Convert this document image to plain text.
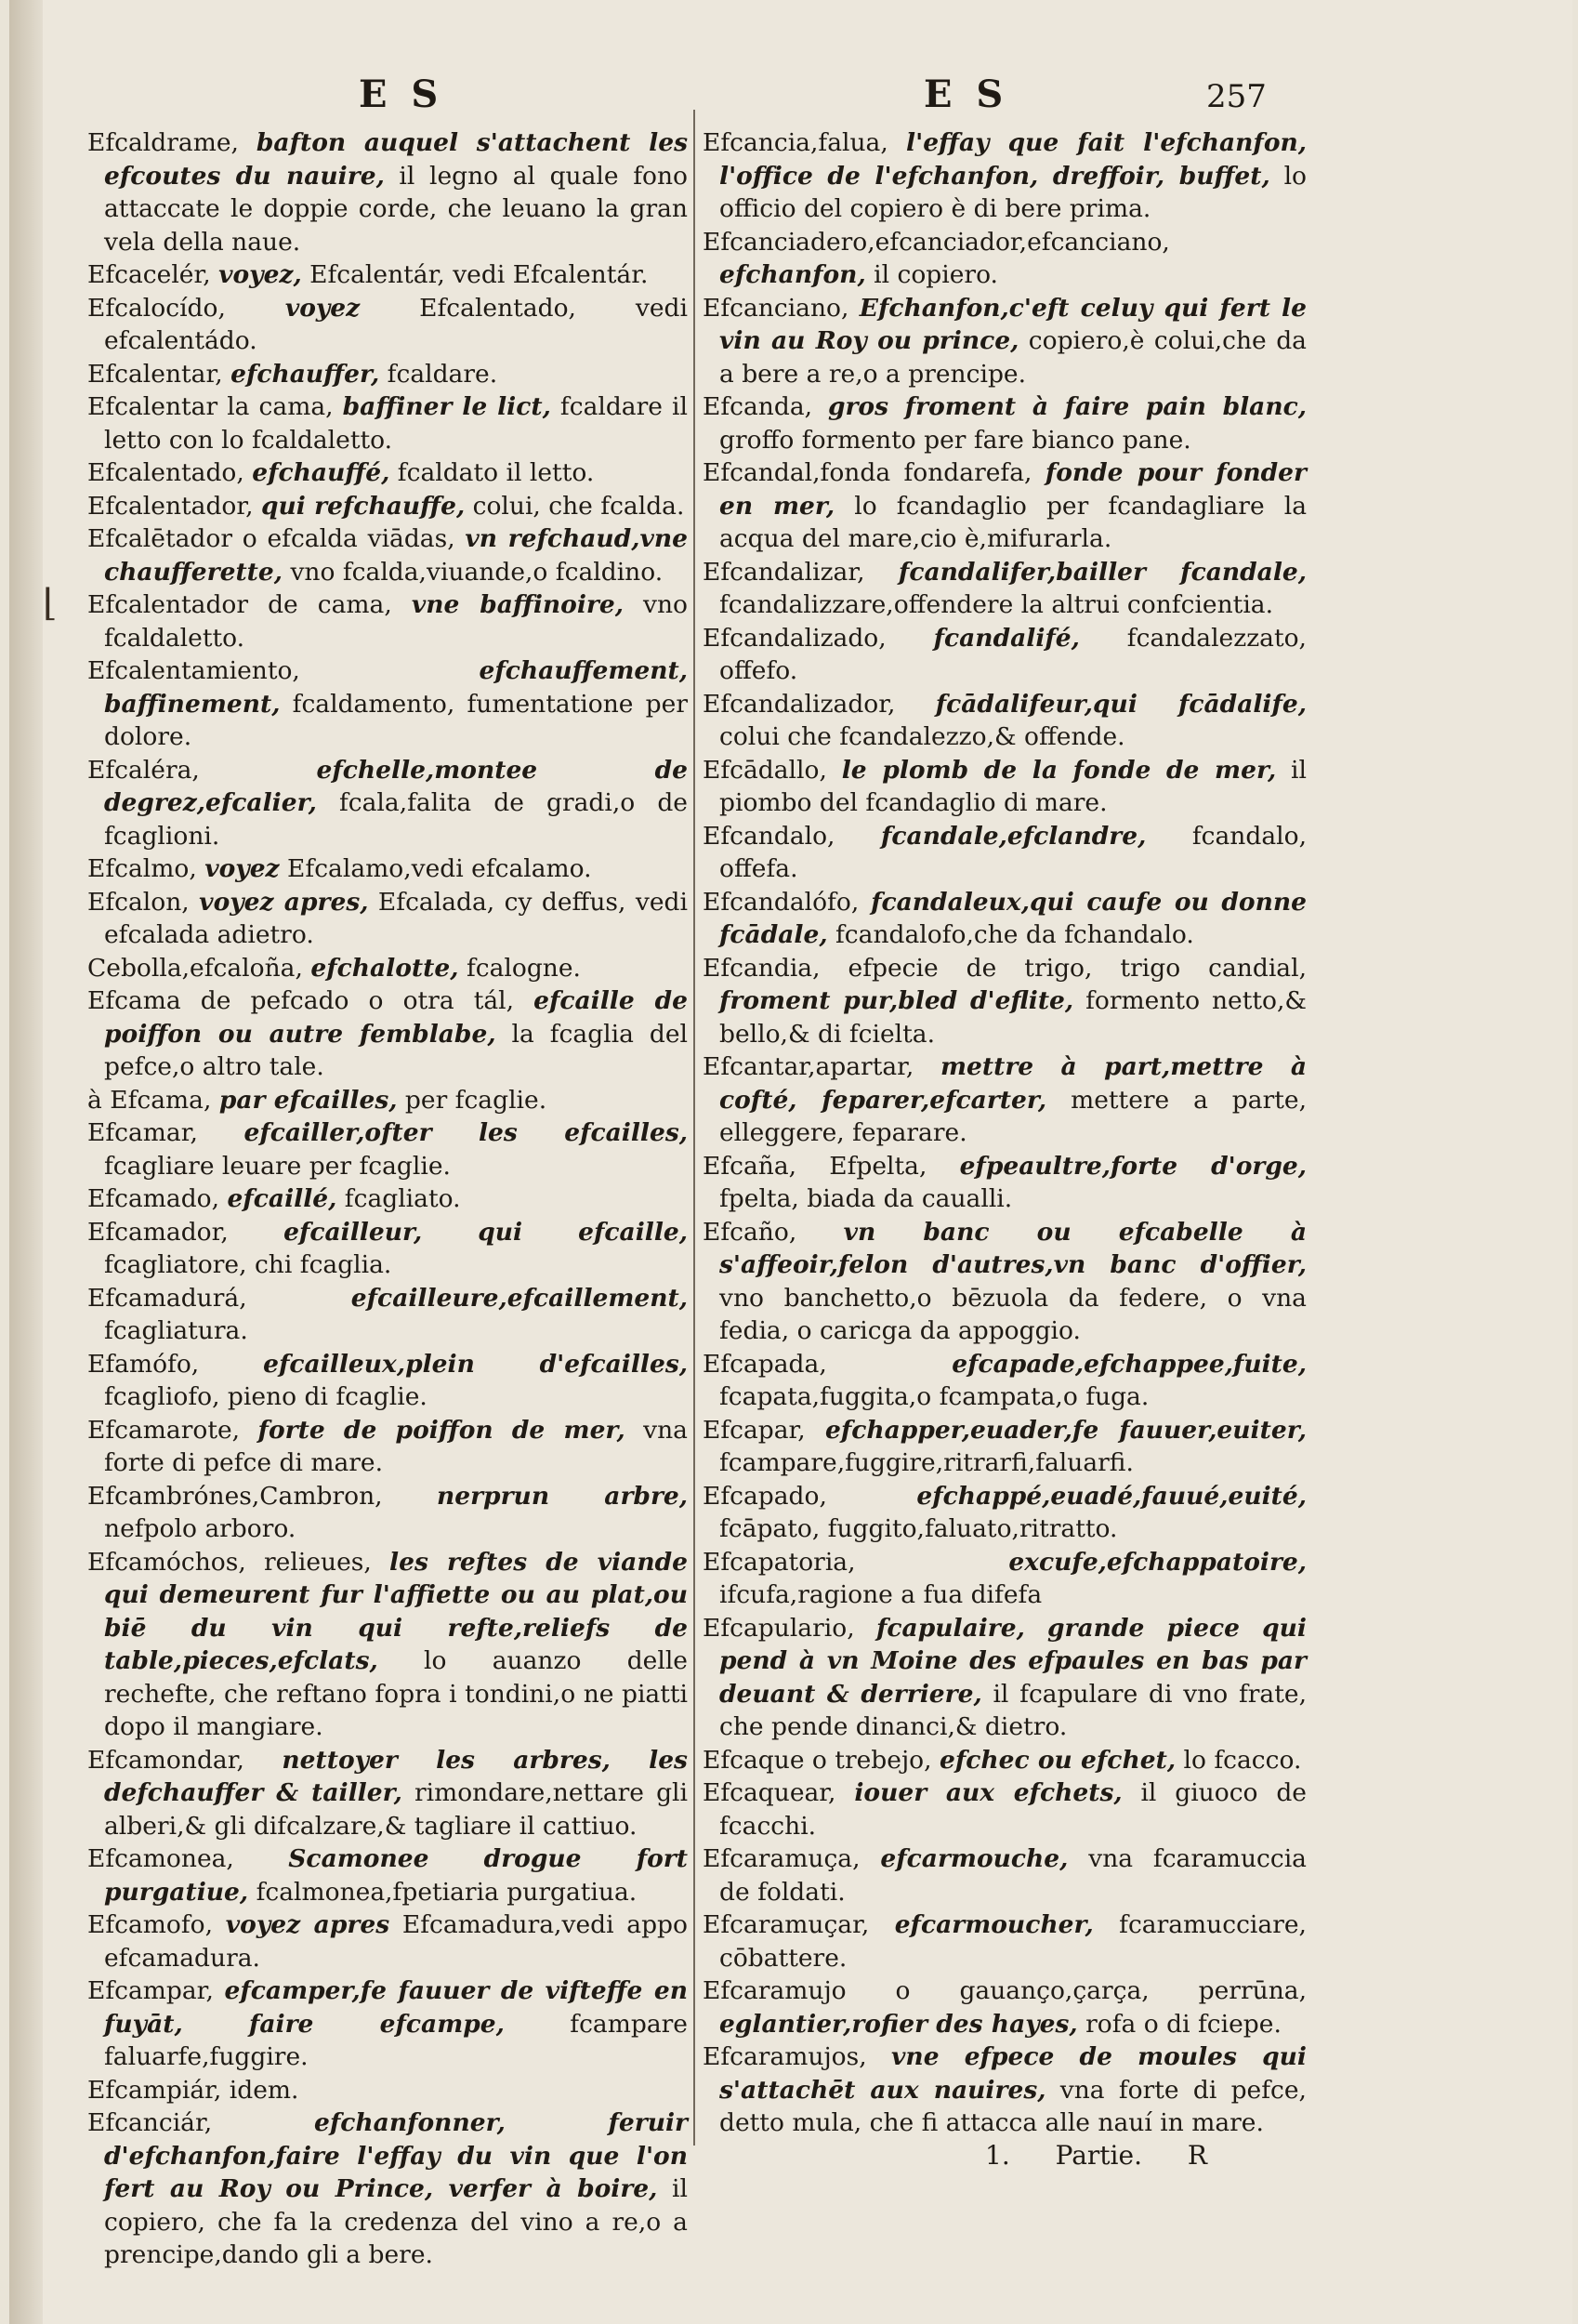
E S	E S	257
⌊
Efcaldrame, bafton auquel s'attachent les efcoutes du nauire, il legno al quale fono attaccate le doppie corde, che leuano la gran vela della naue.
Efcacelér, voyez, Efcalentár, vedi Efcalentár.
Efcalocído, voyez Efcalentado, vedi efcalentádo.
Efcalentar, efchauffer, fcaldare.
Efcalentar la cama, baffiner le lict, fcaldare il letto con lo fcaldaletto.
Efcalentado, efchauffé, fcaldato il letto.
Efcalentador, qui refchauffe, colui, che fcalda.
Efcalētador o efcalda viādas, vn refchaud,vne chaufferette, vno fcalda,viuande,o fcaldino.
Efcalentador de cama, vne baffinoire, vno fcaldaletto.
Efcalentamiento,	efchauffement, baffinement, fcaldamento, fumentatione per dolore.
Efcaléra,	efchelle,montee de degrez,efcalier, fcala,falita de gradi,o de fcaglioni.
Efcalmo, voyez Efcalamo,vedi efcalamo.
Efcalon, voyez apres, Efcalada, cy deffus, vedi efcalada adietro.
Cebolla,efcaloña, efchalotte, fcalogne.
Efcama de pefcado o otra tál, efcaille de poiffon ou autre femblabe, la fcaglia del pefce,o altro tale.
à Efcama, par efcailles, per fcaglie.
Efcamar, efcailler,ofter les efcailles, fcagliare leuare per fcaglie.
Efcamado, efcaillé, fcagliato.
Efcamador, efcailleur, qui efcaille, fcagliatore, chi fcaglia.
Efcamadurá,	efcailleure,efcaillement, fcagliatura.
Efamófo,	efcailleux,plein d'efcailles, fcagliofo, pieno di fcaglie.
Efcamarote, forte de poiffon de mer, vna forte di pefce di mare.
Efcambrónes,Cambron, nerprun arbre, nefpolo arboro.
Efcamóchos, relieues, les reftes de viande qui demeurent fur l'affiette ou au plat,ou biē du vin qui refte,reliefs de table,pieces,efclats, lo auanzo delle rechefte, che reftano fopra i tondini,o ne piatti dopo il mangiare.
Efcamondar, nettoyer les arbres, les defchauffer & tailler, rimondare,nettare gli alberi,& gli difcalzare,& tagliare il cattiuo.
Efcamonea, Scamonee drogue fort purgatiue, fcalmonea,fpetiaria purgatiua.
Efcamofo, voyez apres Efcamadura,vedi appo efcamadura.
Efcampar, efcamper,fe fauuer de vifteffe en fuyāt, faire efcampe,	fcampare faluarfe,fuggire.
Efcampiár, idem.
Efcanciár,	efchanfonner, feruir d'efchanfon,faire l'effay du vin que l'on fert au Roy ou Prince, verfer à boire, il copiero, che fa la credenza del vino a re,o a prencipe,dando gli a bere.
Efcancia,falua, l'effay que fait l'efchanfon, l'office de l'efchanfon, dreffoir, buffet, lo officio del copiero è di bere prima.
Efcanciadero,efcanciador,efcanciano, efchanfon, il copiero.
Efcanciano, Efchanfon,c'eft celuy qui fert le vin au Roy ou prince, copiero,è colui,che da a bere a re,o a prencipe.
Efcanda, gros froment à faire pain blanc, groffo formento per fare bianco pane.
Efcandal,fonda fondarefa, fonde pour fonder en mer, lo fcandaglio per fcandagliare la acqua del mare,cio è,mifurarla.
Efcandalizar, fcandalifer,bailler fcandale, fcandalizzare,offendere la altrui confcientia.
Efcandalizado, fcandalifé, fcandalezzato, offefo.
Efcandalizador, fcādalifeur,qui fcādalife, colui che fcandalezzo,& offende.
Efcādallo, le plomb de la fonde de mer, il piombo del fcandaglio di mare.
Efcandalo, fcandale,efclandre, fcandalo, offefa.
Efcandalófo, fcandaleux,qui caufe ou donne fcādale, fcandalofo,che da fchandalo.
Efcandia, efpecie de trigo, trigo candial, froment pur,bled d'eflite, formento netto,& bello,& di fcielta.
Efcantar,apartar, mettre à part,mettre à cofté, feparer,efcarter, mettere a parte, elleggere, feparare.
Efcaña, Efpelta, efpeaultre,forte d'orge, fpelta, biada da caualli.
Efcaño, vn banc ou efcabelle à s'affeoir,felon d'autres,vn banc d'offier, vno banchetto,o bēzuola da federe, o vna fedia, o caricga da appoggio.
Efcapada,	efcapade,efchappee,fuite, fcapata,fuggita,o fcampata,o fuga.
Efcapar, efchapper,euader,fe fauuer,euiter, fcampare,fuggire,ritrarfi,faluarfi.
Efcapado,	efchappé,euadé,fauué,euité, fcāpato, fuggito,faluato,ritratto.
Efcapatoria,	excufe,efchappatoire, ifcufa,ragione a fua difefa
Efcapulario, fcapulaire, grande piece qui pend à vn Moine des efpaules en bas par deuant & derriere, il fcapulare di vno frate, che pende dinanci,& dietro.
Efcaque o trebejo, efchec ou efchet, lo fcacco.
Efcaquear, iouer aux efchets, il giuoco de fcacchi.
Efcaramuça, efcarmouche, vna fcaramuccia de foldati.
Efcaramuçar, efcarmoucher, fcaramucciare, cōbattere.
Efcaramujo o gauanço,çarça, perrūna, eglantier,rofier des hayes, rofa o di fciepe.
Efcaramujos, vne efpece de moules qui s'attachēt aux nauires, vna forte di pefce, detto mula, che fi attacca alle nauí in mare.
1. Partie. R
